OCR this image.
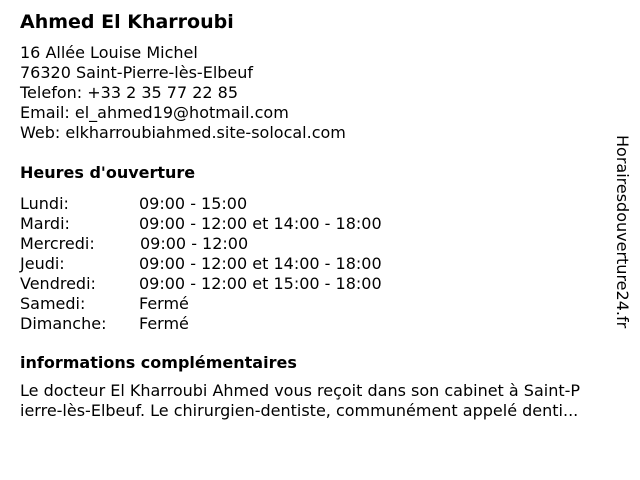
Ahmed El Kharroubi
16 Allée Louise Michel
76320 Saint-Pierre-lès-Elbeuf
Telefon: +33 2 35 77 22 85
Email: el_ahmed19@hotmail.com
Web: elkharroubiahmed.site-solocal.com
Heures d'ouverture
Lundi:	09:00 - 15:00
Mardi:	09:00 - 12:00 et 14:00 - 18:00
Mercredi:	09:00 - 12:00
Jeudi:	09:00 - 12:00 et 14:00 - 18:00
Vendredi:	09:00 - 12:00 et 15:00 - 18:00
Samedi:	Fermé
Dimanche: Fermé
informations complémentaires
Le docteur El Kharroubi Ahmed vous reçoit dans son cabinet à Saint-P
ierre-lès-Elbeuf. Le chirurgien-dentiste, communément appelé denti...
Horairesdouverture24.fr
